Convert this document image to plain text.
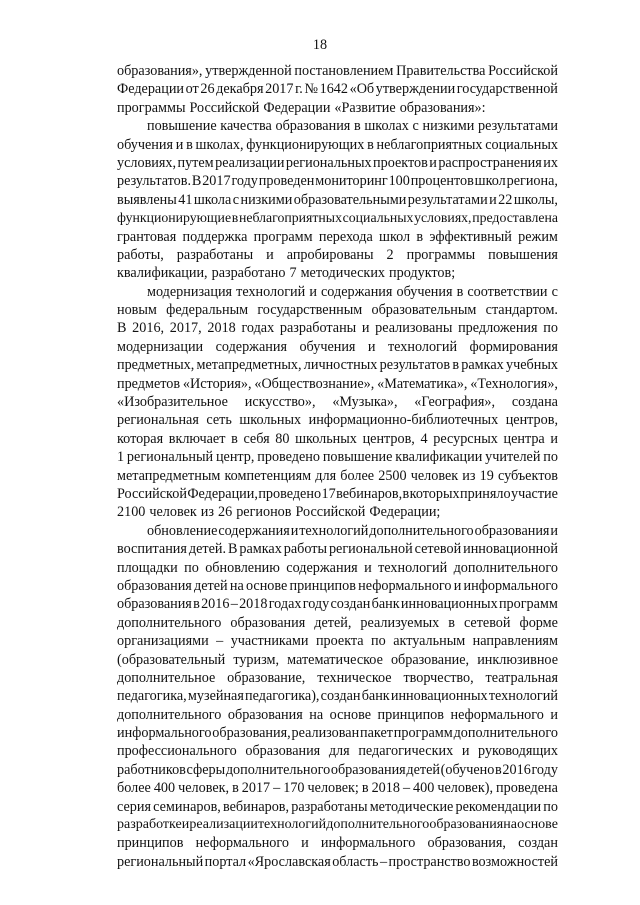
18
образования», утвержденной постановлением Правительства Российской
Федерации от 26 декабря 2017 г. № 1642 «Об утверждении государственной
программы Российской Федерации «Развитие образования»:
повышение качества образования в школах с низкими результатами
обучения и в школах, функционирующих в неблагоприятных социальных
условиях, путем реализации региональных проектов и распространения их
результатов. В 2017 году проведен мониторинг 100 процентов школ региона,
выявлены 41 школа с низкими образовательными результатами и 22 школы,
функционирующие в неблагоприятных социальных условиях, предоставлена
грантовая поддержка программ перехода школ в эффективный режим
работы, разработаны и апробированы 2 программы повышения
квалификации, разработано 7 методических продуктов;
модернизация технологий и содержания обучения в соответствии с
новым федеральным государственным образовательным стандартом.
В 2016, 2017, 2018 годах разработаны и реализованы предложения по
модернизации содержания обучения и технологий формирования
предметных, метапредметных, личностных результатов в рамках учебных
предметов «История», «Обществознание», «Математика», «Технология»,
«Изобразительное искусство», «Музыка», «География», создана
региональная сеть школьных информационно-библиотечных центров,
которая включает в себя 80 школьных центров, 4 ресурсных центра и
1 региональный центр, проведено повышение квалификации учителей по
метапредметным компетенциям для более 2500 человек из 19 субъектов
Российской Федерации, проведено 17 вебинаров, в которых приняло участие
2100 человек из 26 регионов Российской Федерации;
обновление содержания и технологий дополнительного образования и
воспитания детей. В рамках работы региональной сетевой инновационной
площадки по обновлению содержания и технологий дополнительного
образования детей на основе принципов неформального и информального
образования в 2016 – 2018 годах году создан банк инновационных программ
дополнительного образования детей, реализуемых в сетевой форме
организациями – участниками проекта по актуальным направлениям
(образовательный туризм, математическое образование, инклюзивное
дополнительное образование, техническое творчество, театральная
педагогика, музейная педагогика), создан банк инновационных технологий
дополнительного образования на основе принципов неформального и
информального образования, реализован пакет программ дополнительного
профессионального образования для педагогических и руководящих
работников сферы дополнительного образования детей (обучено в 2016 году
более 400 человек, в 2017 – 170 человек; в 2018 – 400 человек), проведена
серия семинаров, вебинаров, разработаны методические рекомендации по
разработке и реализации технологий дополнительного образования на основе
принципов неформального и информального образования, создан
региональный портал «Ярославская область – пространство возможностей
